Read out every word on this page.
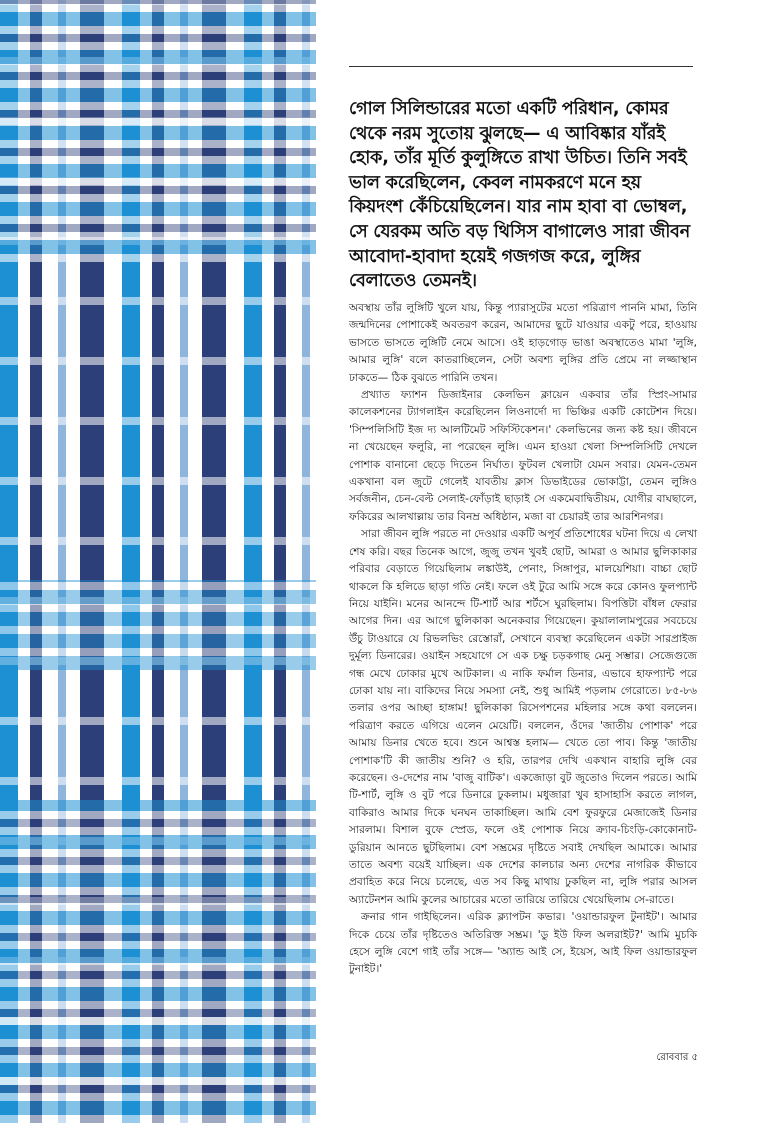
গোল সিলিন্ডারের মতো একটি পরিধান, কোমর থেকে নরম সুতোয় ঝুলছে— এ আবিষ্কার যাঁরই হোক, তাঁর মূর্তি কুলুঙ্গিতে রাখা উচিত। তিনি সবই ভাল করেছিলেন, কেবল নামকরণে মনে হয় কিয়দংশ কেঁচিয়েছিলেন। যার নাম হাবা বা ভোম্বল, সে যেরকম অতি বড় থিসিস বাগালেও সারা জীবন আবোদা-হাবাদা হয়েই গজগজ করে, লুঙ্গির বেলাতেও তেমনই।

অবস্থায় তাঁর লুঙ্গিটি খুলে যায়, কিন্তু প্যারাসুটের মতো পরিত্রাণ পাননি মামা, তিনি জন্মদিনের পোশাকেই অবতরণ করেন, আমাদের ছুটে যাওয়ার একটু পরে, হাওয়ায় ভাসতে ভাসতে লুঙ্গিটি নেমে আসে। ওই হাড়গোড় ভাঙা অবস্থাতেও মামা 'লুঙ্গি, আমার লুঙ্গি' বলে কাতরাচ্ছিলেন, সেটা অবশ্য লুঙ্গির প্রতি প্রেমে না লজ্জাস্থান ঢাকতে— ঠিক বুঝতে পারিনি তখন।

প্রখ্যাত ফ্যাশন ডিজাইনার কেলভিন ক্লায়েন একবার তাঁর স্প্রিং-সামার কালেকশনের ট্যাগলাইন করেছিলেন লিওনার্দো দ্য ভিঞ্চির একটি কোটেশন দিয়ে। 'সিম্পলিসিটি ইজ দ্য আলটিমেট সফিস্টিকেশন।' কেলভিনের জন্য কষ্ট হয়। জীবনে না খেয়েছেন ফলুরি, না পরেছেন লুঙ্গি। এমন হাওয়া খেলা সিম্পলিসিটি দেখলে পোশাক বানানো ছেড়ে দিতেন নির্ঘাত। ফুটবল খেলাটা যেমন সবার। যেমন-তেমন একখানা বল জুটে গেলেই যাবতীয় ক্লাস ডিভাইডের ভোকাট্টা, তেমন লুঙ্গিও সর্বজনীন, চেন-বেল্ট সেলাই-ফোঁড়াই ছাড়াই সে একমেবাদ্বিতীয়ম, যোগীর বাঘছালে, ফকিরের আলখাল্লায় তার বিনম্র অধিষ্ঠান, মজা বা চেয়ারই তার আরশিনগর।

সারা জীবন লুঙ্গি পরতে না দেওয়ার একটি অপূর্ব প্রতিশোধের ঘটনা দিয়ে এ লেখা শেষ করি। বছর তিনেক আগে, জুজু তখন খুবই ছোট, আমরা ও আমার ছুলিকাকার পরিবার বেড়াতে গিয়েছিলাম লঙ্কাউই, পেনাং, সিঙ্গাপুর, মালয়েশিয়া। বাচ্চা ছোট থাকলে কি হলিডে ছাড়া গতি নেই। ফলে ওই টুরে আমি সঙ্গে করে কোনও ফুলপ্যান্ট নিয়ে যাইনি। মনের আনন্দে টি-শার্ট আর শর্টসে ঘুরছিলাম। বিপত্তিটা বাঁধল ফেরার আগের দিন। এর আগে ছুলিকাকা অনেকবার গিয়েছেন। কুয়ালালামপুরের সবচেয়ে উঁচু টাওয়ারে যে রিভলভিং রেস্তোরাঁ, সেখানে ব্যবস্থা করেছিলেন একটা সারপ্রাইজ দুর্মূল্য ডিনারের। ওয়াইন সহযোগে সে এক চক্ষু চড়কগাছ মেনু সম্ভার। সেজেগুজে গন্ধ মেখে ঢোকার মুখে আটকাল। এ নাকি ফর্মাল ডিনার, এভাবে হাফপ্যান্ট পরে ঢোকা যায় না। বাকিদের নিয়ে সমস্যা নেই, শুধু আমিই পড়লাম গেরোতে। ৮৫-৮৬ তলার ওপর আচ্ছা হাঙ্গাম! ছুলিকাকা রিসেপশনের মহিলার সঙ্গে কথা বললেন। পরিত্রাণ করতে এগিয়ে এলেন মেয়েটি। বললেন, ওঁদের 'জাতীয় পোশাক' পরে আমায় ডিনার খেতে হবে। শুনে আশ্বস্ত হলাম— খেতে তো পাব। কিন্তু 'জাতীয় পোশাক'টি কী জাতীয় শুনি? ও হরি, তারপর দেখি একখান বাহারি লুঙ্গি বের করেছেন। ও-দেশের নাম 'বাজু বাটিক'। একজোড়া বুট জুতোও দিলেন পরতে। আমি টি-শার্ট, লুঙ্গি ও বুট পরে ডিনারে ঢুকলাম। মধুজারা খুব হাসাহাসি করতে লাগল, বাকিরাও আমার দিকে ঘনঘন তাকাচ্ছিল। আমি বেশ ফুরফুরে মেজাজেই ডিনার সারলাম। বিশাল বুফে স্প্রেড, ফলে ওই পোশাক নিয়ে ক্র্যাব-চিংড়ি-কোকোনাট-ডুরিয়ান আনতে ছুটছিলাম। বেশ সম্ভ্রমের দৃষ্টিতে সবাই দেখছিল আমাকে। আমার তাতে অবশ্য বয়েই যাচ্ছিল। এক দেশের কালচার অন্য দেশের নাগরিক কীভাবে প্রবাহিত করে নিয়ে চলেছে, এত সব কিছু মাথায় ঢুকছিল না, লুঙ্গি পরার আসল অ্যাটেনশন আমি কুলের আচারের মতো তারিয়ে তারিয়ে খেয়েছিলাম সে-রাতে।

ক্রনার গান গাইছিলেন। এরিক ক্ল্যাপটন কভার। 'ওয়ান্ডারফুল টুনাইট'। আমার দিকে চেয়ে তাঁর দৃষ্টিতেও অতিরিক্ত সম্ভ্রম। 'ডু ইউ ফিল অলরাইট?' আমি মুচকি হেসে লুঙ্গি বেশে গাই তাঁর সঙ্গে— 'অ্যান্ড আই সে, ইয়েস, আই ফিল ওয়ান্ডারফুল টুনাইট।'

রোববার ৫
